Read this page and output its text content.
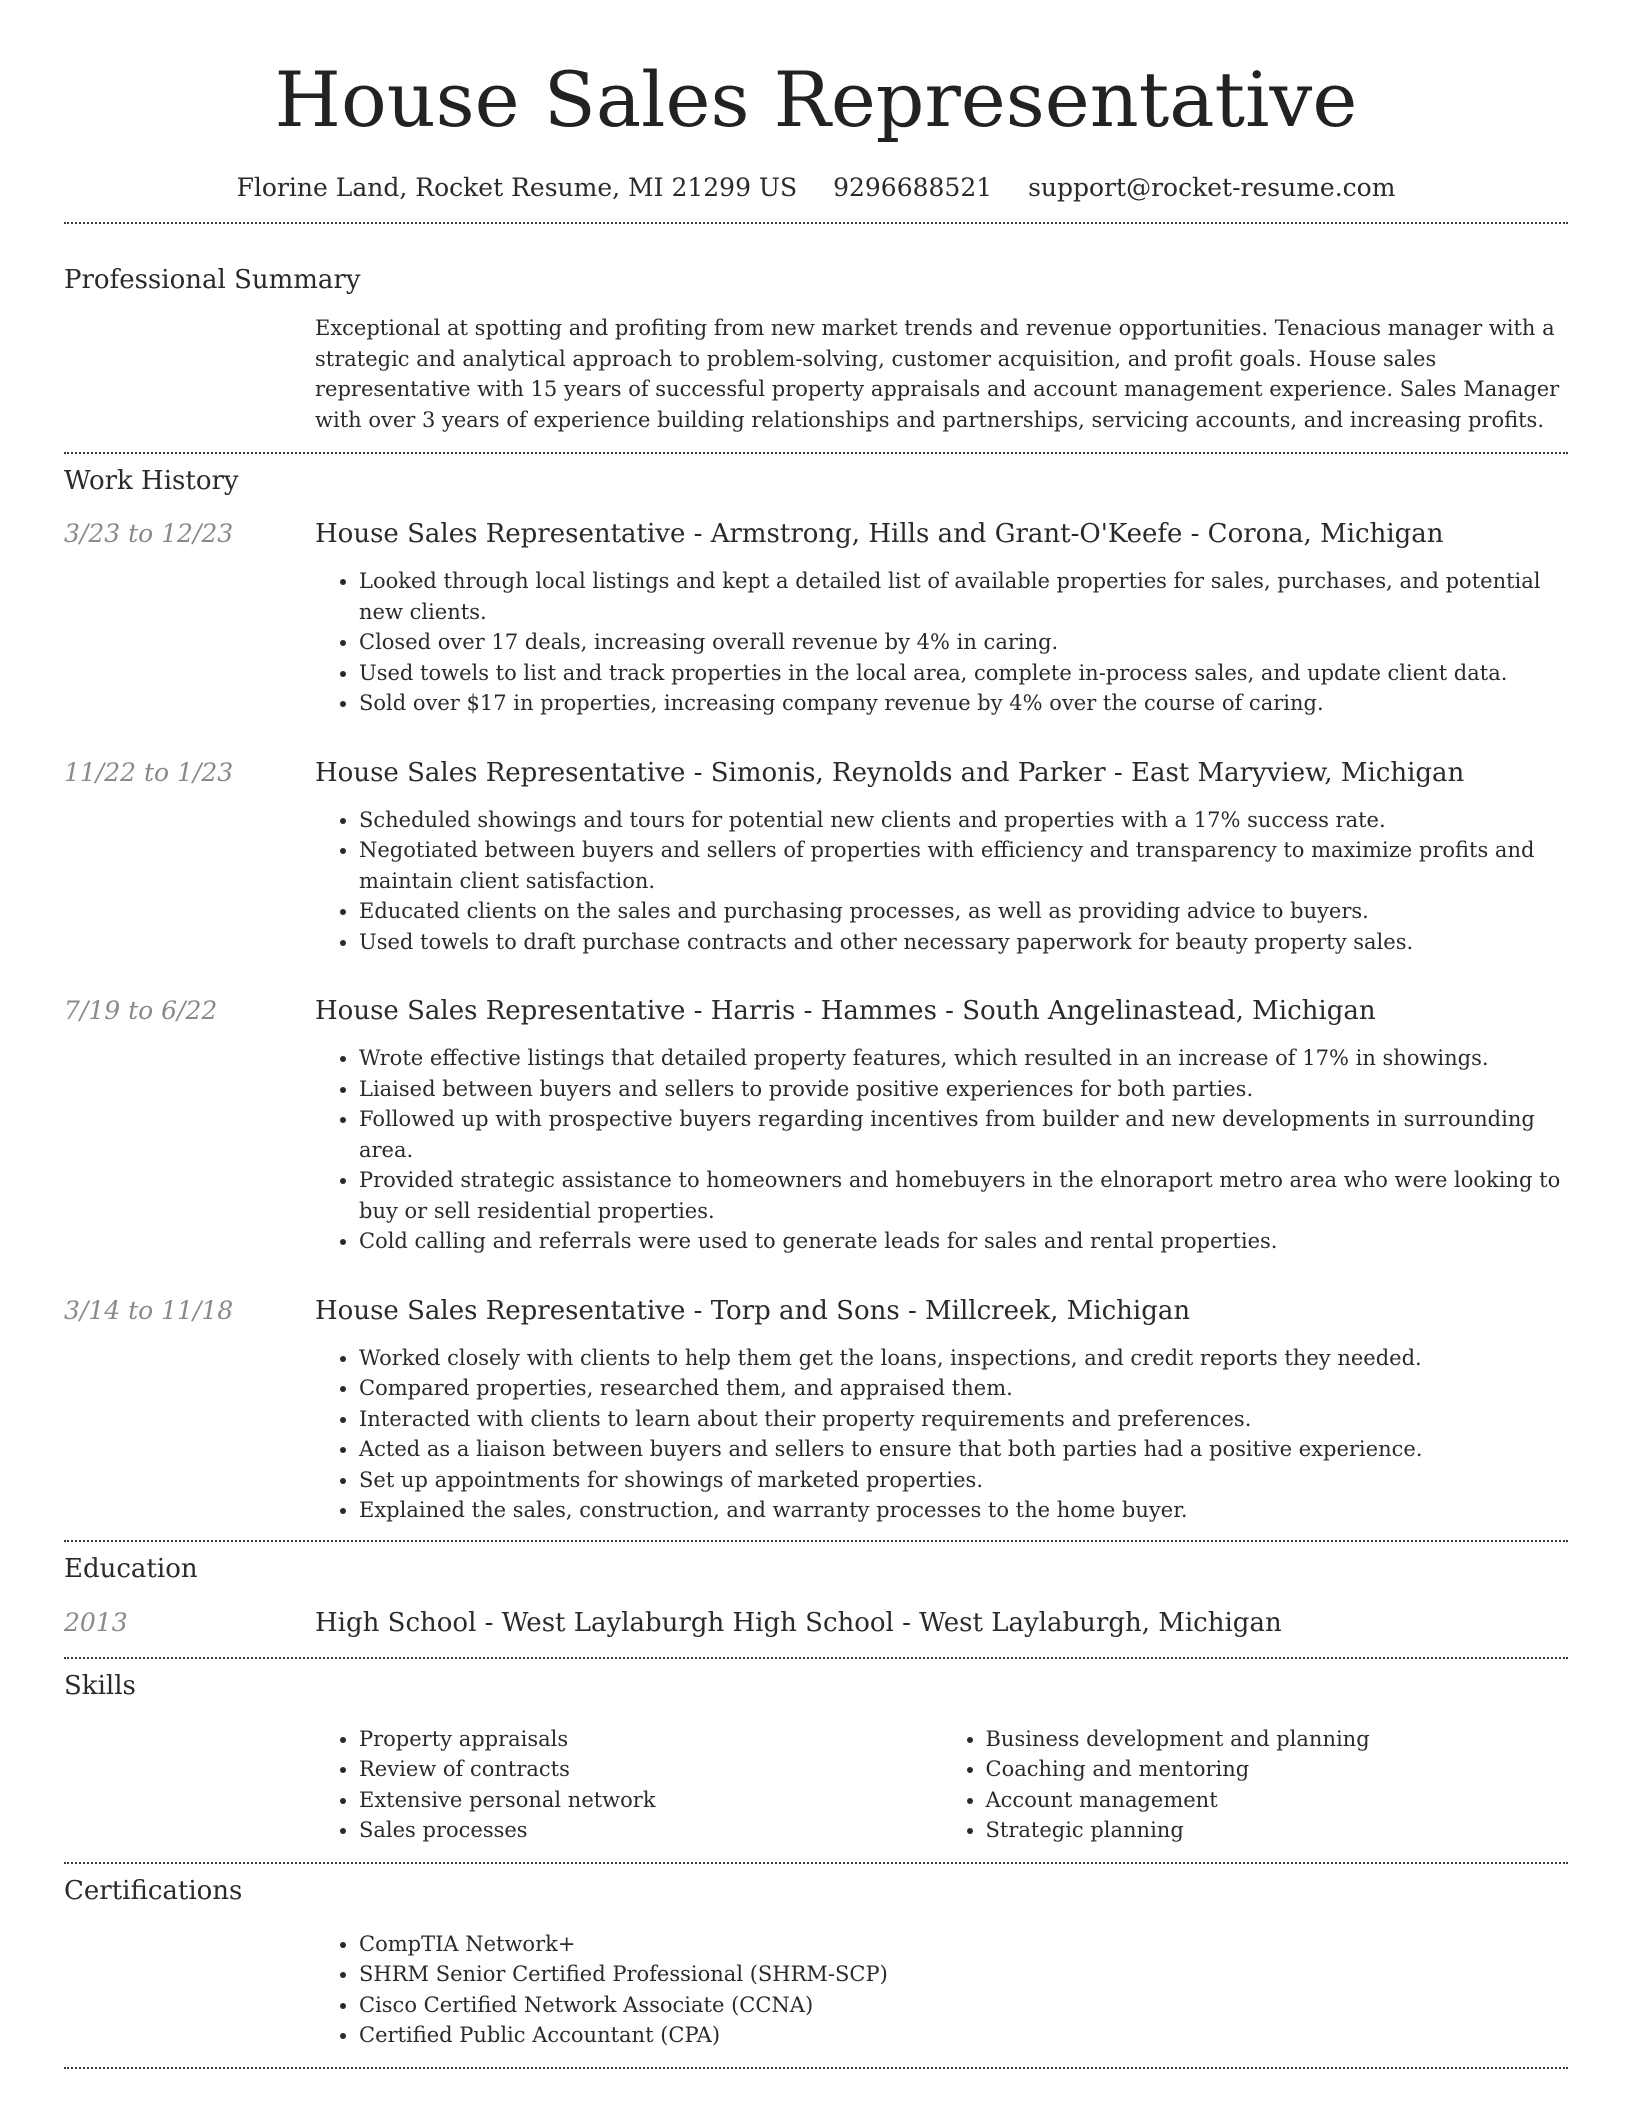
House Sales Representative
Florine Land, Rocket Resume, MI 21299 US 9296688521 support@rocket-resume.com
Professional Summary
Exceptional at spotting and profiting from new market trends and revenue opportunities. Tenacious manager with a strategic and analytical approach to problem-solving, customer acquisition, and profit goals. House sales representative with 15 years of successful property appraisals and account management experience. Sales Manager with over 3 years of experience building relationships and partnerships, servicing accounts, and increasing profits.
Work History
3/23 to 12/23	House Sales Representative - Armstrong, Hills and Grant-O'Keefe - Corona, Michigan
• Looked through local listings and kept a detailed list of available properties for sales, purchases, and potential new clients.
• Closed over 17 deals, increasing overall revenue by 4% in caring.
• Used towels to list and track properties in the local area, complete in-process sales, and update client data.
• Sold over $17 in properties, increasing company revenue by 4% over the course of caring.
11/22 to 1/23	House Sales Representative - Simonis, Reynolds and Parker - East Maryview, Michigan
• Scheduled showings and tours for potential new clients and properties with a 17% success rate.
• Negotiated between buyers and sellers of properties with efficiency and transparency to maximize profits and maintain client satisfaction.
• Educated clients on the sales and purchasing processes, as well as providing advice to buyers.
• Used towels to draft purchase contracts and other necessary paperwork for beauty property sales.
7/19 to 6/22	House Sales Representative - Harris - Hammes - South Angelinastead, Michigan
• Wrote effective listings that detailed property features, which resulted in an increase of 17% in showings.
• Liaised between buyers and sellers to provide positive experiences for both parties.
• Followed up with prospective buyers regarding incentives from builder and new developments in surrounding area.
• Provided strategic assistance to homeowners and homebuyers in the elnoraport metro area who were looking to buy or sell residential properties.
• Cold calling and referrals were used to generate leads for sales and rental properties.
3/14 to 11/18	House Sales Representative - Torp and Sons - Millcreek, Michigan
• Worked closely with clients to help them get the loans, inspections, and credit reports they needed.
• Compared properties, researched them, and appraised them.
• Interacted with clients to learn about their property requirements and preferences.
• Acted as a liaison between buyers and sellers to ensure that both parties had a positive experience.
• Set up appointments for showings of marketed properties.
• Explained the sales, construction, and warranty processes to the home buyer.
Education
2013	High School - West Laylaburgh High School - West Laylaburgh, Michigan
Skills
• Property appraisals
• Review of contracts
• Extensive personal network
• Sales processes
• Business development and planning
• Coaching and mentoring
• Account management
• Strategic planning
Certifications
• CompTIA Network+
• SHRM Senior Certified Professional (SHRM-SCP)
• Cisco Certified Network Associate (CCNA)
• Certified Public Accountant (CPA)
